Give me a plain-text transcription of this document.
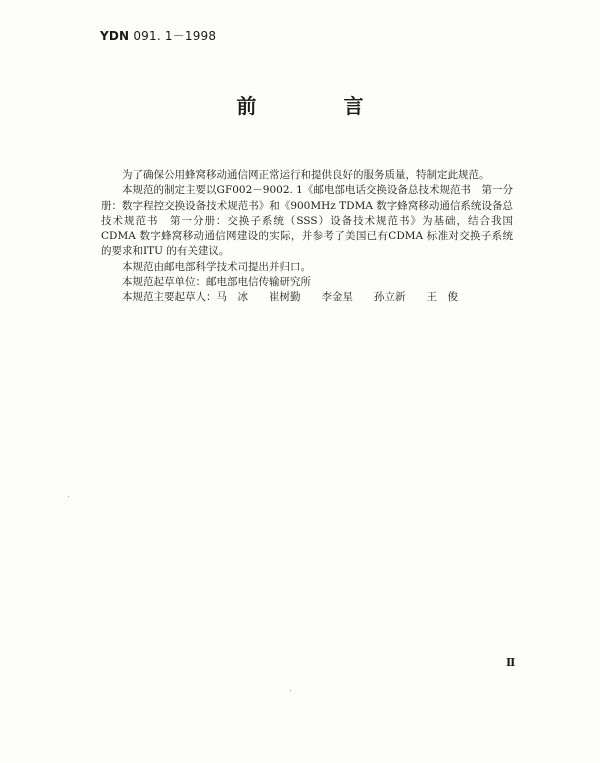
YDN 091. 1－1998
前 言

为了确保公用蜂窝移动通信网正常运行和提供良好的服务质量，特制定此规范。

本规范的制定主要以GF002－9002. 1《邮电部电话交换设备总技术规范书　第一分册：数字程控交换设备技术规范书》和《900MHz TDMA 数字蜂窝移动通信系统设备总技术规范书　第一分册：交换子系统（SSS）设备技术规范书》为基础，结合我国CDMA 数字蜂窝移动通信网建设的实际，并参考了美国已有CDMA 标准对交换子系统的要求和ITU 的有关建议。

本规范由邮电部科学技术司提出并归口。

本规范起草单位：邮电部电信传输研究所

本规范主要起草人：马　冰　　崔树勤　　李金星　　孙立新　　王　俊

Ⅱ
